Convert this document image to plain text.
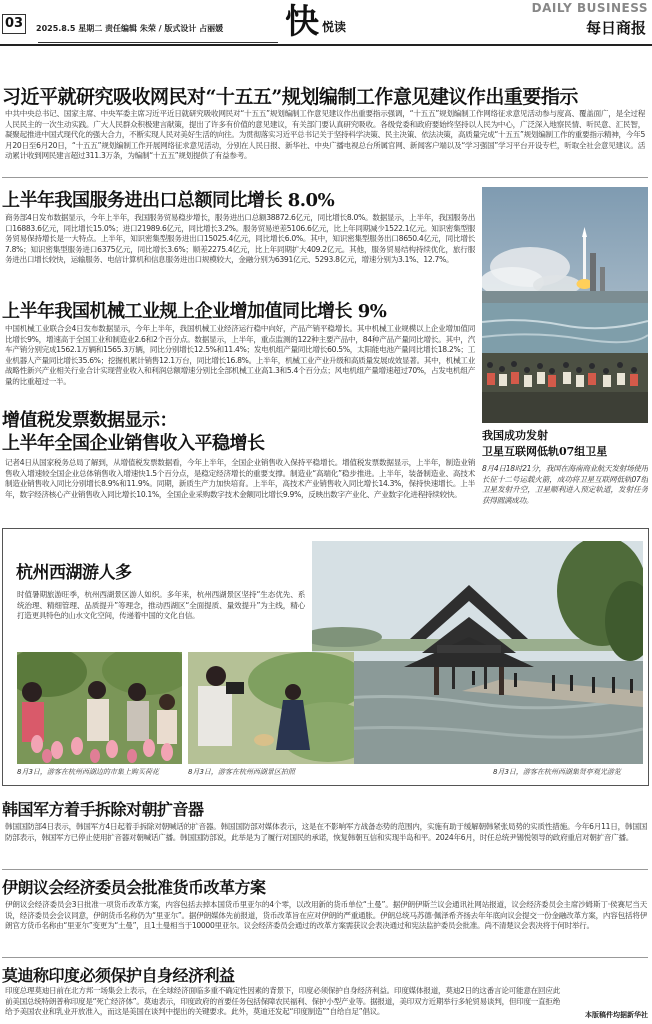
03	2025.8.5 星期二 责任编辑 朱荣 / 版式设计 占丽媛 快 悦读
DAILY BUSINESS
每日商报
习近平就研究吸收网民对“十五五”规划编制工作意见建议作出重要指示
中共中央总书记、国家主席、中央军委主席习近平近日就研究吸收网民对“十五五”规划编制工作意见建议作出重要指示强调，“十五五”规划编制工作网络征求意见活动参与度高、覆盖面广，是全过程人民民主的一次生动实践。广大人民群众积极建言献策，提出了许多有价值的意见建议，有关部门要认真研究吸收。各级党委和政府要始终坚持以人民为中心，广泛深入地察民情、听民意、汇民智，凝聚起推进中国式现代化的强大合力，不断实现人民对美好生活的向往。为贯彻落实习近平总书记关于坚持科学决策、民主决策、依法决策，高质量完成“十五五”规划编制工作的重要指示精神，今年5月20日至6月20日，“十五五”规划编制工作开展网络征求意见活动，分别在人民日报、新华社、中央广播电视总台所属官网、新闻客户端以及“学习强国”学习平台开设专栏，听取全社会意见建议。活动累计收到网民建言超过311.3万条，为编制“十五五”规划提供了有益参考。
上半年我国服务进出口总额同比增长 8.0%
商务部4日发布数据显示，今年上半年，我国服务贸易稳步增长，服务进出口总额38872.6亿元，同比增长8.0%。数据显示，上半年，我国服务出口16883.6亿元，同比增长15.0%；进口21989.6亿元，同比增长3.2%。服务贸易逆差5106.6亿元，比上年同期减少1522.1亿元。知识密集型服务贸易保持增长是一大特点。上半年，知识密集型服务进出口15025.4亿元，同比增长6.0%。其中，知识密集型服务出口8650.4亿元，同比增长7.8%；知识密集型服务进口6375亿元，同比增长3.6%；顺差2275.4亿元，比上年同期扩大409.2亿元。其他，服务贸易结构持续优化，旅行服务进出口增长较快，运输服务、电信计算机和信息服务进出口规模较大，金融分别为6391亿元、5293.8亿元，增速分别为3.1%、12.7%。
上半年我国机械工业规上企业增加值同比增长 9%
中国机械工业联合会4日发布数据显示，今年上半年，我国机械工业经济运行稳中向好，产品产销平稳增长。其中机械工业规模以上企业增加值同比增长9%，增速高于全国工业和制造业2.6和2个百分点。数据显示，上半年，重点监测的122种主要产品中，84种产品产量同比增长。其中，汽车产销分别完成1562.1万辆和1565.3万辆，同比分别增长12.5%和11.4%；发电机组产量同比增长60.5%，太阳能电池产量同比增长18.2%；工业机器人产量同比增长35.6%；挖掘机累计销售12.1万台，同比增长16.8%。上半年，机械工业产业升级和高质量发展成效显著。其中，机械工业战略性新兴产业相关行业合计实现营业收入和利润总额增速分别比全部机械工业高1.3和5.4个百分点；风电机组产量增速超过70%，占发电机组产量的比重超过一半。
增值税发票数据显示：
上半年全国企业销售收入平稳增长
记者4日从国家税务总局了解到，从增值税发票数据看，今年上半年，全国企业销售收入保持平稳增长。增值税发票数据显示，上半年，制造业销售收入增速较全国企业总体销售收入增速快1.5个百分点，是稳定经济增长的重要支撑。制造业“高端化”稳步推进。上半年，装备制造业、高技术制造业销售收入同比分别增长8.9%和11.9%。同期，新质生产力加快培育。上半年，高技术产业销售收入同比增长14.3%，保持快速增长。上半年，数字经济核心产业销售收入同比增长10.1%，全国企业采购数字技术金额同比增长9.9%，反映出数字产业化、产业数字化进程持续较快。
我国成功发射
卫星互联网低轨07组卫星
8月4日18时21分，我国在海南商业航天发射场使用长征十二号运载火箭，成功将卫星互联网低轨07组卫星发射升空，卫星顺利进入预定轨道，发射任务获得圆满成功。
杭州西湖游人多
时值暑期旅游旺季，杭州西湖景区游人如织。多年来，杭州西湖景区坚持“生态优先、系统治理、精细管理、品质提升”等理念，推动西湖区“全面提质、量效提升”为主线，精心打造更具特色的山水文化空间，传递着中国的文化自信。
8月3日，游客在杭州西湖边的市集上购买荷花	8月3日，游客在杭州西湖景区拍照	8月3日，游客在杭州西湖集贤亭观光游览
韩国军方着手拆除对朝扩音器
韩国国防部4日表示，韩国军方4日起着手拆除对朝喊话的扩音器。韩国国防部对媒体表示，这是在不影响军方战备态势的范围内，实施有助于缓解朝韩紧张局势的实质性措施。今年6月11日，韩国国防部表示，韩国军方已停止使用扩音器对朝喊话广播。韩国国防部说，此举是为了履行对国民的承诺，恢复韩朝互信和实现半岛和平。2024年6月，时任总统尹锡悦领导的政府重启对朝扩音广播。
伊朗议会经济委员会批准货币改革方案
伊朗议会经济委员会3日批准一项货币改革方案，内容包括去掉本国货币里亚尔的4个零，以改用新的货币单位“土曼”。据伊朗伊斯兰议会通讯社网站报道，议会经济委员会主席沙姆斯丁·侯赛尼当天说，经济委员会会议同意，伊朗货币名称仍为“里亚尔”。据伊朗媒体先前报道，货币改革旨在应对伊朗的严重通胀。伊朗总统马苏德·佩泽希齐扬去年年底向议会提交一份金融改革方案，内容包括将伊朗官方货币名称由“里亚尔”变更为“土曼”，且1土曼相当于10000里亚尔。议会经济委员会通过的改革方案需获议会表决通过和宪法监护委员会批准。尚不清楚议会表决将于何时举行。
莫迪称印度必须保护自身经济利益
印度总理莫迪日前在北方邦一场集会上表示，在全球经济面临多重不确定性因素的背景下，印度必须保护自身经济利益。印度媒体报道，莫迪2日的这番言论可能意在回应此前美国总统特朗普称印度是“死亡经济体”。莫迪表示，印度政府的首要任务包括保障农民福利、保护小型产业等。据报道，美印双方近期举行多轮贸易谈判，但印度一直拒绝给予美国农业和乳业开放准入，而这是美国在谈判中提出的关键要求。此外，莫迪还发起“印度制造”“自给自足”倡议。	本版稿件均据新华社
